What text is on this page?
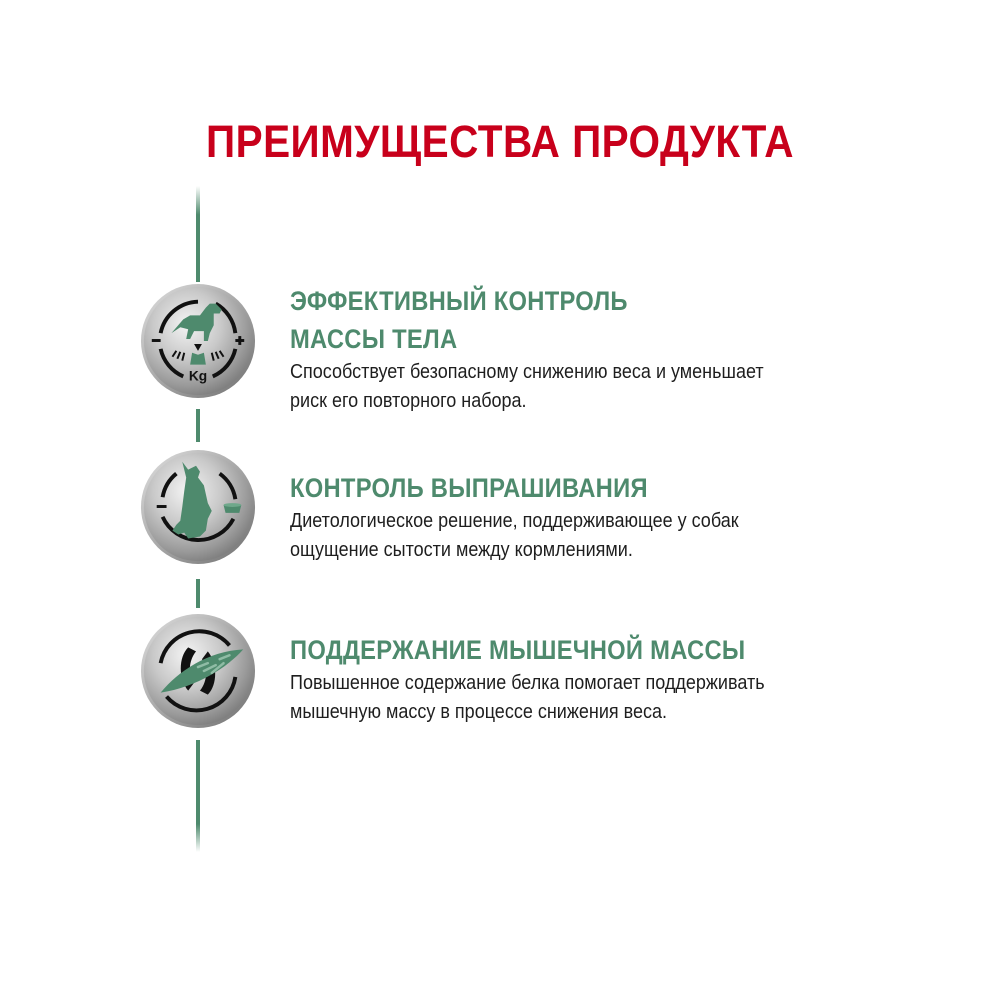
ПРЕИМУЩЕСТВА ПРОДУКТА
Kg
ЭФФЕКТИВНЫЙ КОНТРОЛЬ
МАССЫ ТЕЛА

Способствует безопасному снижению веса и уменьшает

риск его повторного набора.

КОНТРОЛЬ ВЫПРАШИВАНИЯ

Диетологическое решение, поддерживающее у собак

ощущение сытости между кормлениями.

ПОДДЕРЖАНИЕ МЫШЕЧНОЙ МАССЫ

Повышенное содержание белка помогает поддерживать

мышечную массу в процессе снижения веса.
